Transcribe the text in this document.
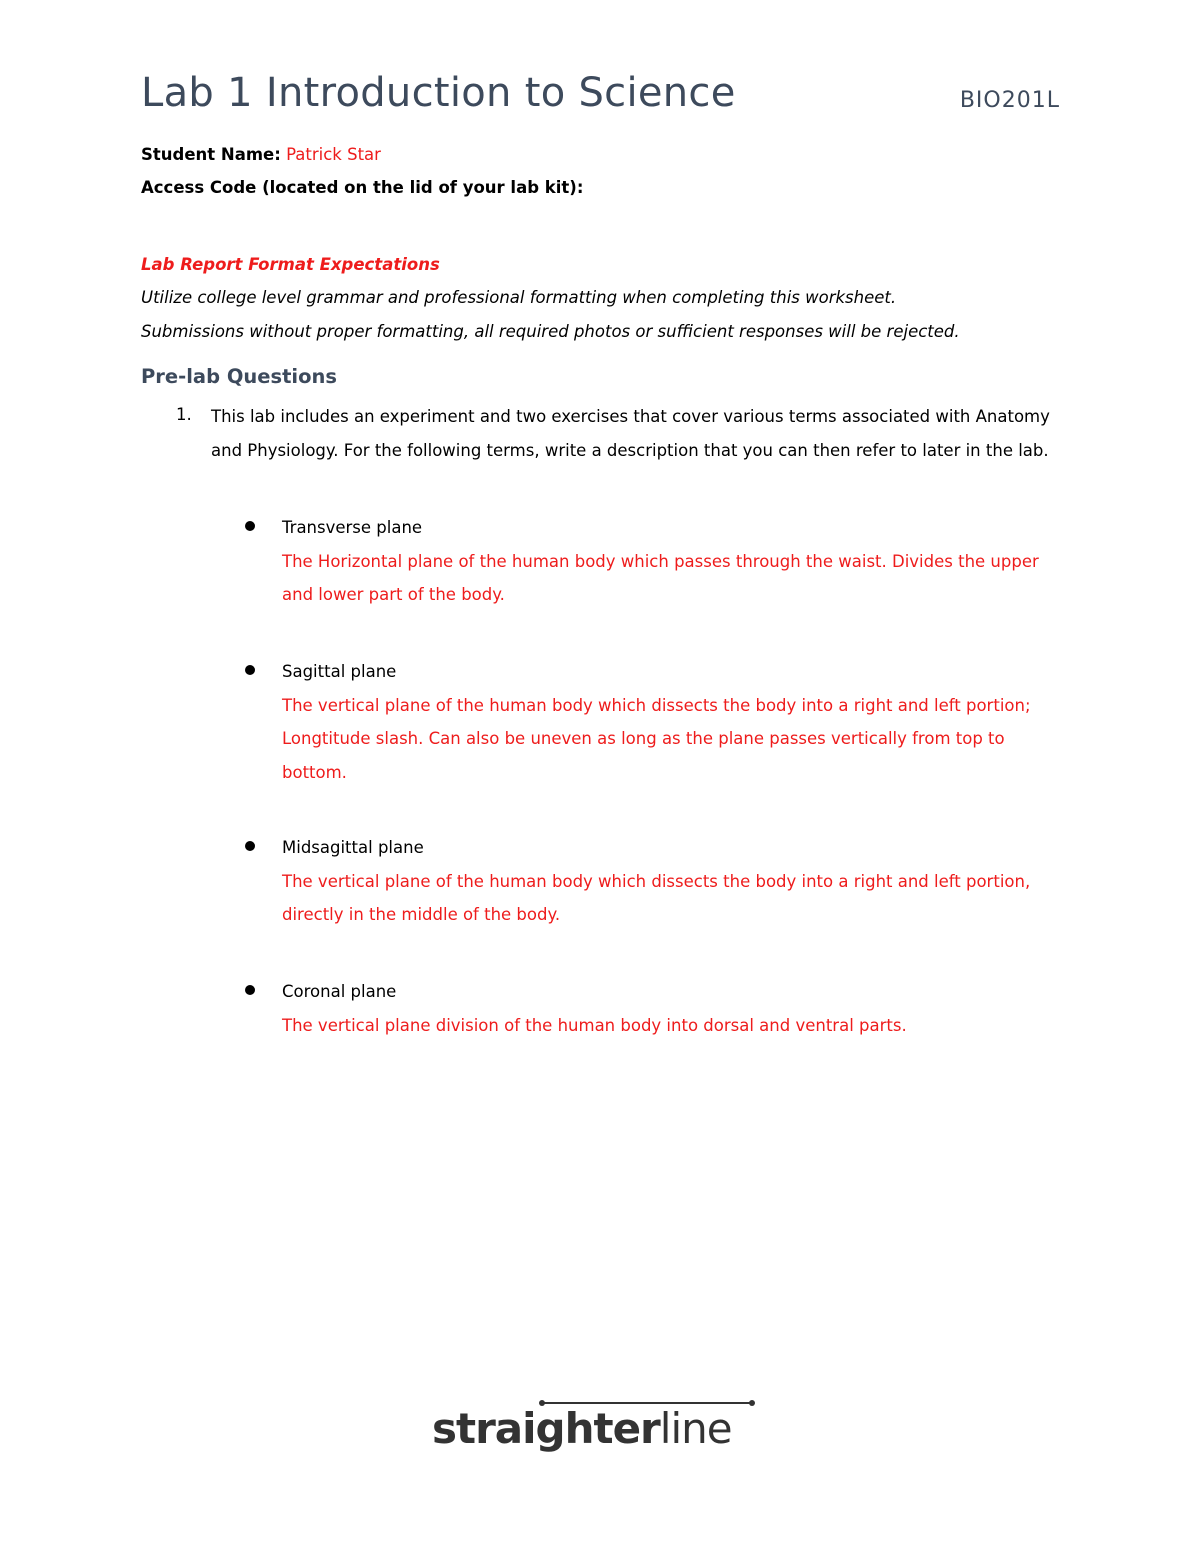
Lab 1 Introduction to Science	BIO201L
Student Name: Patrick Star
Access Code (located on the lid of your lab kit):
Lab Report Format Expectations
Utilize college level grammar and professional formatting when completing this worksheet.
Submissions without proper formatting, all required photos or sufficient responses will be rejected.
Pre-lab Questions
1. This lab includes an experiment and two exercises that cover various terms associated with Anatomy and Physiology. For the following terms, write a description that you can then refer to later in the lab.
Transverse plane
The Horizontal plane of the human body which passes through the waist. Divides the upper and lower part of the body.
Sagittal plane
The vertical plane of the human body which dissects the body into a right and left portion; Longtitude slash. Can also be uneven as long as the plane passes vertically from top to bottom.
Midsagittal plane
The vertical plane of the human body which dissects the body into a right and left portion, directly in the middle of the body.
Coronal plane
The vertical plane division of the human body into dorsal and ventral parts.
straighterline
